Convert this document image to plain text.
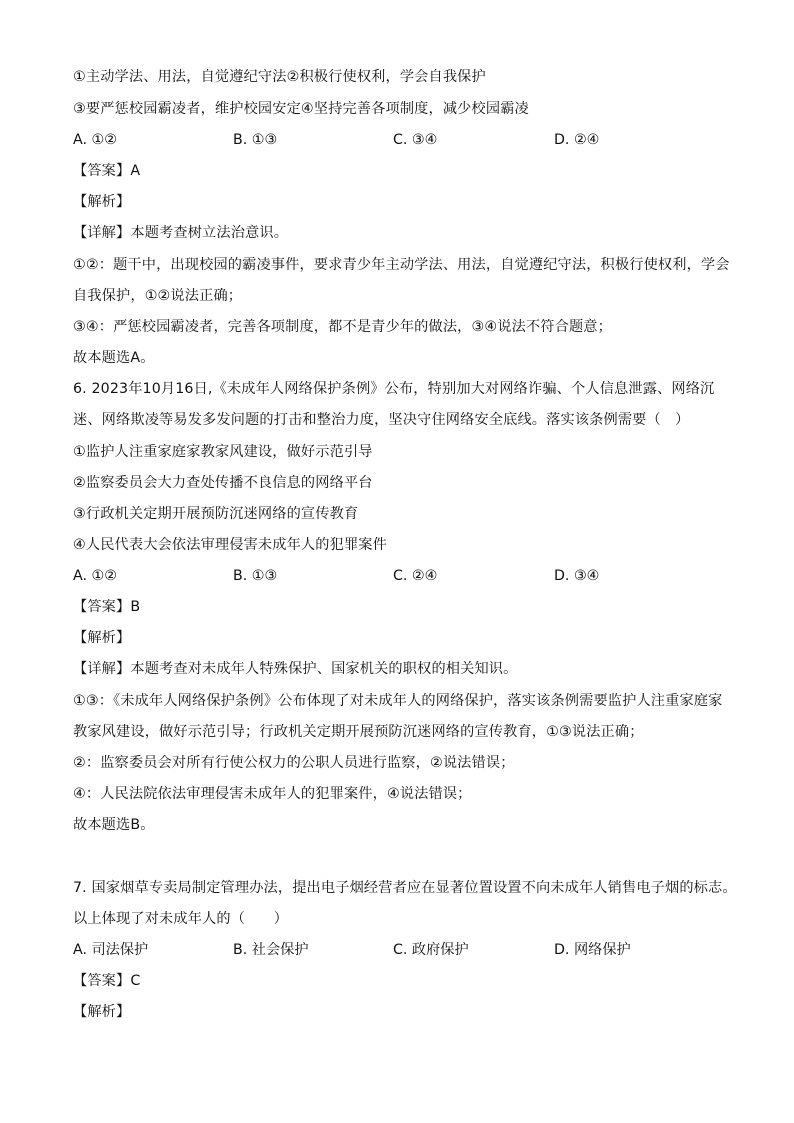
①主动学法、用法，自觉遵纪守法②积极行使权利，学会自我保护
③要严惩校园霸凌者，维护校园安定④坚持完善各项制度，减少校园霸凌
A. ①②	B. ①③	C. ③④	D. ②④
【答案】A
【解析】
【详解】本题考查树立法治意识。
①②：题干中，出现校园的霸凌事件，要求青少年主动学法、用法，自觉遵纪守法，积极行使权利，学会
自我保护，①②说法正确；
③④：严惩校园霸凌者，完善各项制度，都不是青少年的做法，③④说法不符合题意；
故本题选A。
6. 2023年10月16日,《未成年人网络保护条例》公布，特别加大对网络诈骗、个人信息泄露、网络沉
迷、网络欺凌等易发多发问题的打击和整治力度，坚决守住网络安全底线。落实该条例需要（　）
①监护人注重家庭家教家风建设，做好示范引导
②监察委员会大力查处传播不良信息的网络平台
③行政机关定期开展预防沉迷网络的宣传教育
④人民代表大会依法审理侵害未成年人的犯罪案件
A. ①②	B. ①③	C. ②④	D. ③④
【答案】B
【解析】
【详解】本题考查对未成年人特殊保护、国家机关的职权的相关知识。
①③：《未成年人网络保护条例》公布体现了对未成年人的网络保护，落实该条例需要监护人注重家庭家
教家风建设，做好示范引导；行政机关定期开展预防沉迷网络的宣传教育，①③说法正确；
②：监察委员会对所有行使公权力的公职人员进行监察，②说法错误；
④：人民法院依法审理侵害未成年人的犯罪案件，④说法错误；
故本题选B。
7. 国家烟草专卖局制定管理办法，提出电子烟经营者应在显著位置设置不向未成年人销售电子烟的标志。
以上体现了对未成年人的（　　）
A. 司法保护	B. 社会保护	C. 政府保护	D. 网络保护
【答案】C
【解析】
